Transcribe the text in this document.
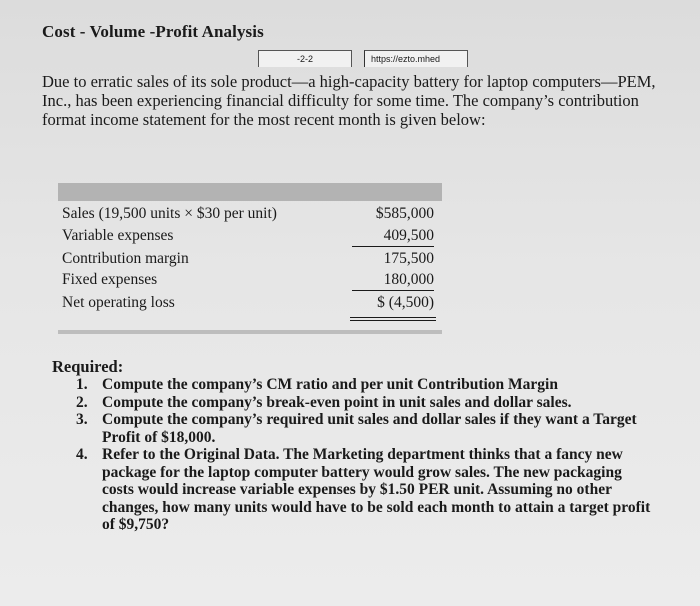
Cost - Volume -Profit Analysis
-2-2	https://ezto.mhed
Due to erratic sales of its sole product—a high-capacity battery for laptop computers—PEM, Inc., has been experiencing financial difficulty for some time. The company’s contribution format income statement for the most recent month is given below:
Sales (19,500 units × $30 per unit)	$585,000
Variable expenses	409,500
Contribution margin	175,500
Fixed expenses	180,000
Net operating loss	$ (4,500)
Required:
1. Compute the company’s CM ratio and per unit Contribution Margin
2. Compute the company’s break-even point in unit sales and dollar sales.
3. Compute the company’s required unit sales and dollar sales if they want a Target Profit of $18,000.
4. Refer to the Original Data. The Marketing department thinks that a fancy new package for the laptop computer battery would grow sales. The new packaging costs would increase variable expenses by $1.50 PER unit. Assuming no other changes, how many units would have to be sold each month to attain a target profit of $9,750?
